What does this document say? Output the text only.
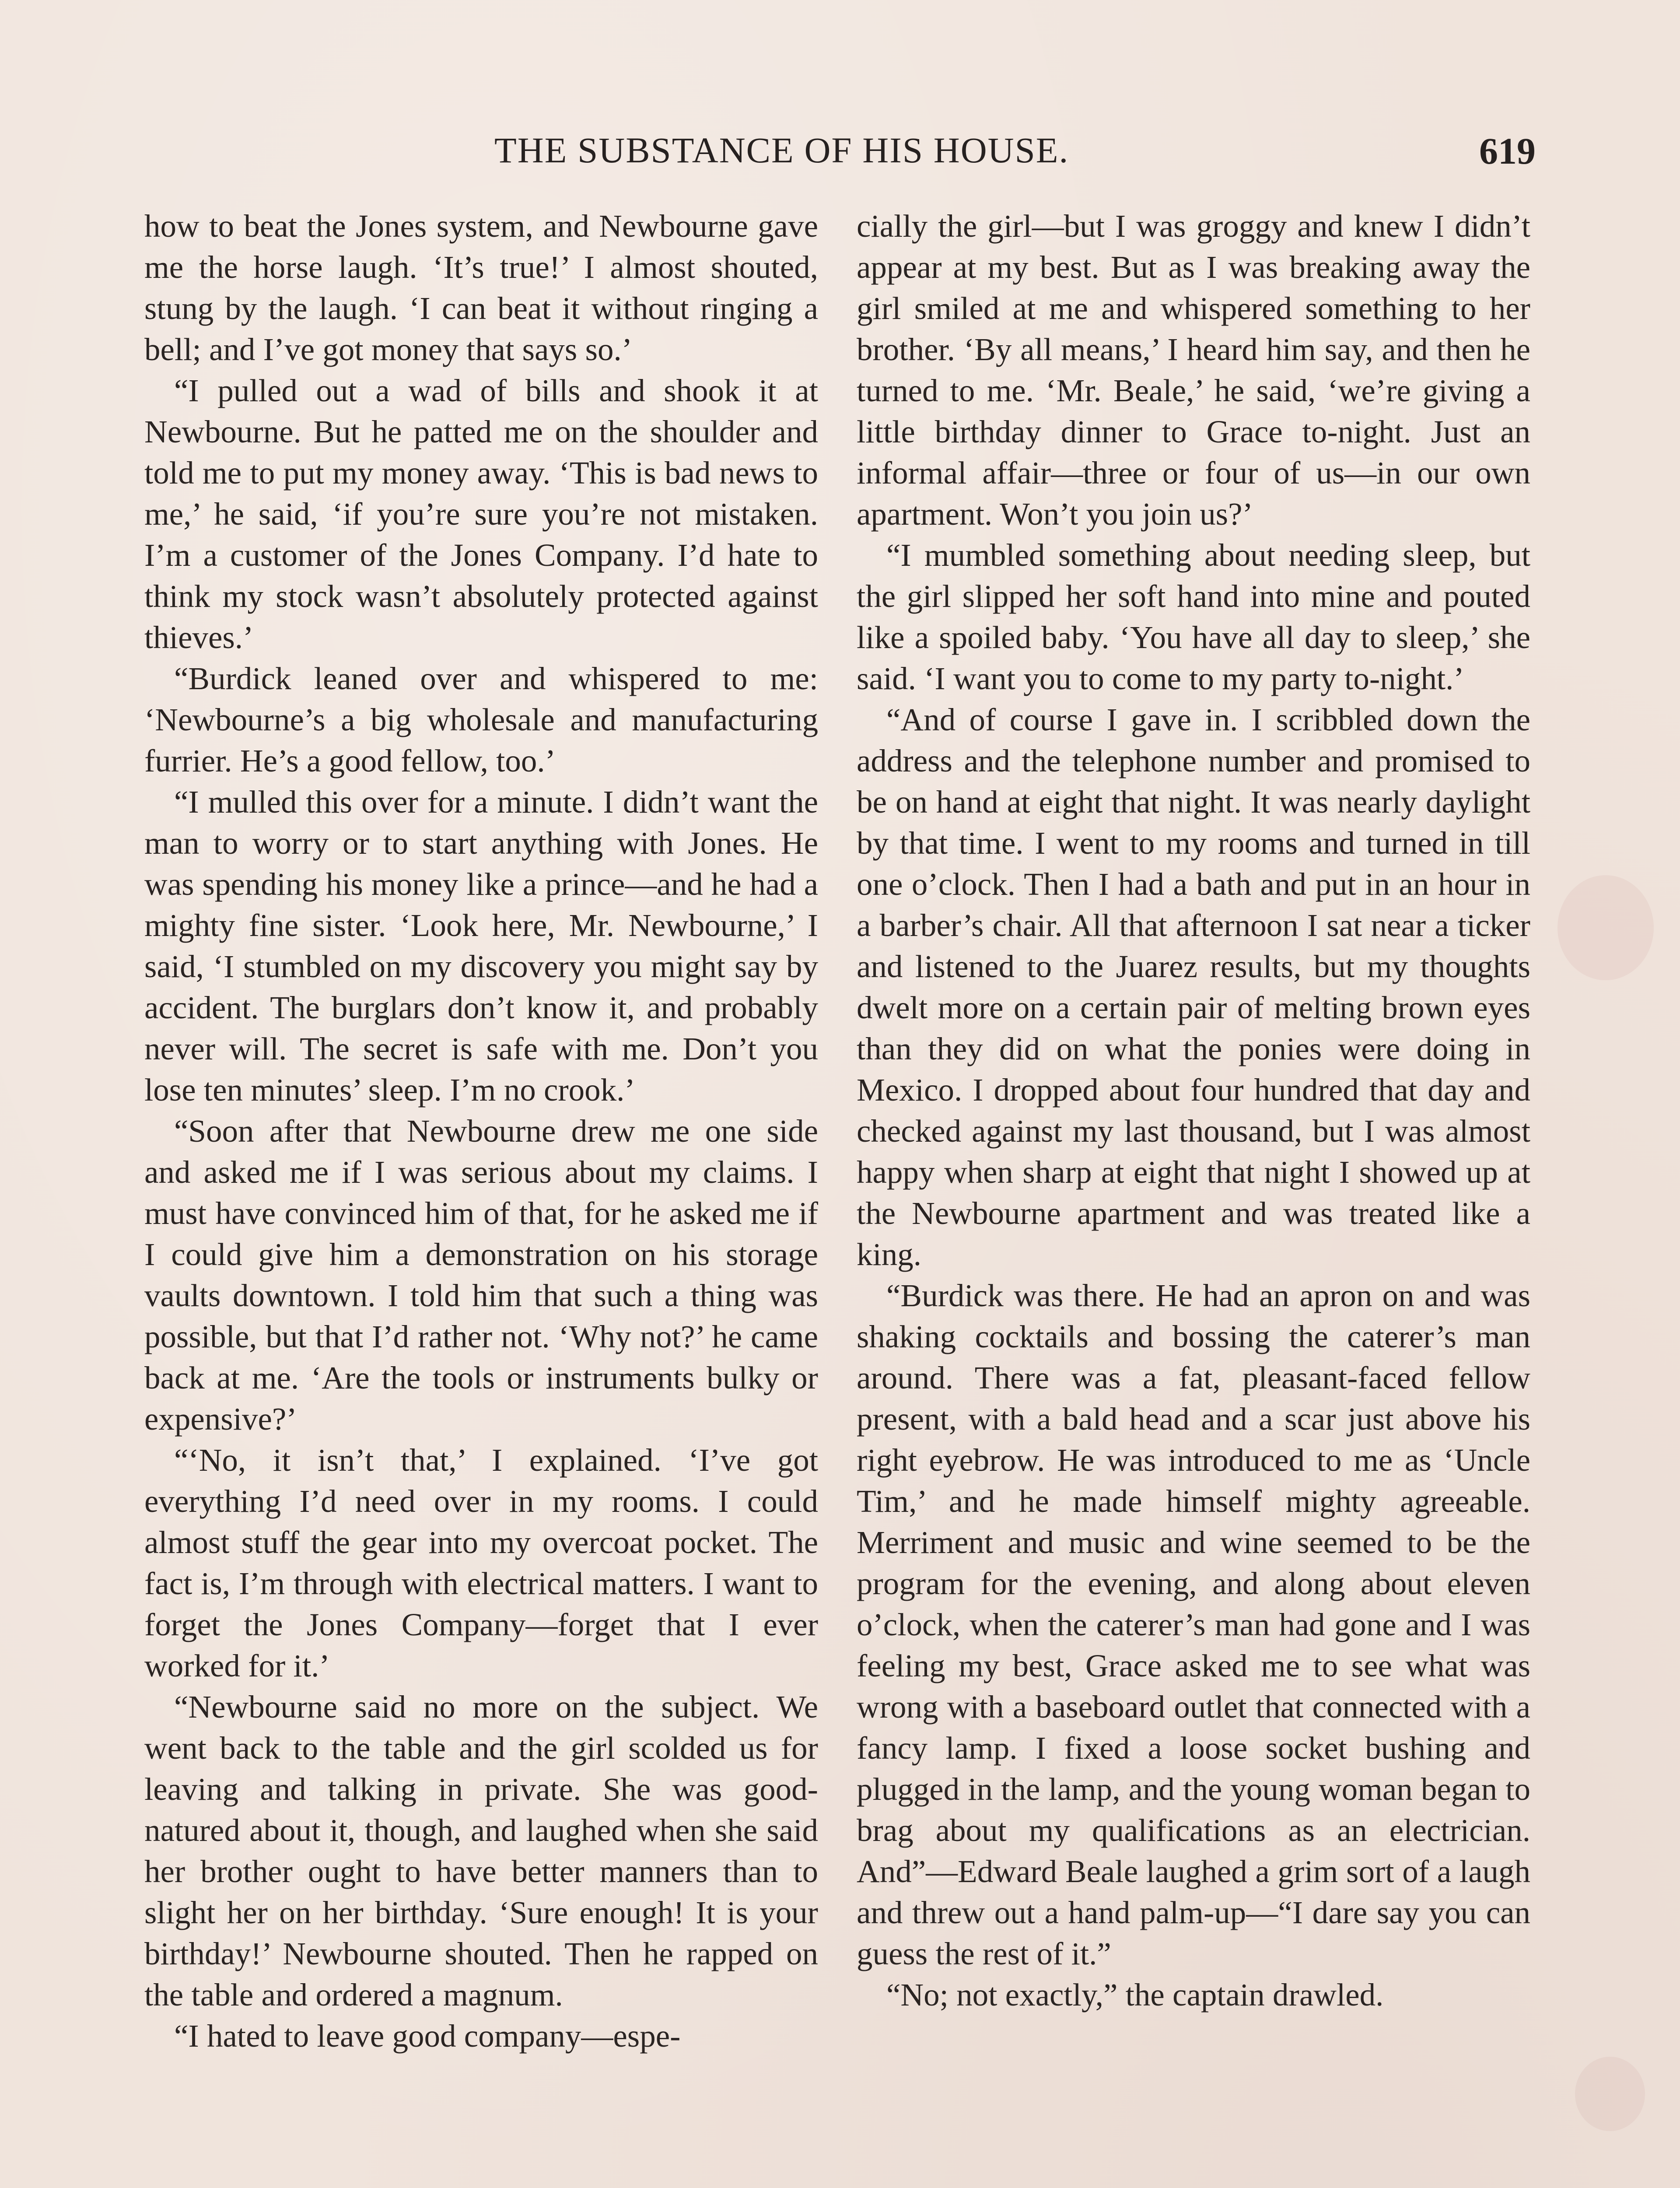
THE SUBSTANCE OF HIS HOUSE.	619

how to beat the Jones system, and Newbourne gave me the horse laugh. ‘It’s true!’ I almost shouted, stung by the laugh. ‘I can beat it without ringing a bell; and I’ve got money that says so.’

“I pulled out a wad of bills and shook it at Newbourne. But he patted me on the shoulder and told me to put my money away. ‘This is bad news to me,’ he said, ‘if you’re sure you’re not mistaken. I’m a customer of the Jones Company. I’d hate to think my stock wasn’t absolutely protected against thieves.’

“Burdick leaned over and whispered to me: ‘Newbourne’s a big wholesale and manufacturing furrier. He’s a good fellow, too.’

“I mulled this over for a minute. I didn’t want the man to worry or to start anything with Jones. He was spending his money like a prince—and he had a mighty fine sister. ‘Look here, Mr. Newbourne,’ I said, ‘I stumbled on my discovery you might say by accident. The burglars don’t know it, and probably never will. The secret is safe with me. Don’t you lose ten minutes’ sleep. I’m no crook.’

“Soon after that Newbourne drew me one side and asked me if I was serious about my claims. I must have convinced him of that, for he asked me if I could give him a demonstration on his storage vaults downtown. I told him that such a thing was possible, but that I’d rather not. ‘Why not?’ he came back at me. ‘Are the tools or instruments bulky or expensive?’

“‘No, it isn’t that,’ I explained. ‘I’ve got everything I’d need over in my rooms. I could almost stuff the gear into my overcoat pocket. The fact is, I’m through with electrical matters. I want to forget the Jones Company—forget that I ever worked for it.’

“Newbourne said no more on the subject. We went back to the table and the girl scolded us for leaving and talking in private. She was good-natured about it, though, and laughed when she said her brother ought to have better manners than to slight her on her birthday. ‘Sure enough! It is your birthday!’ Newbourne shouted. Then he rapped on the table and ordered a magnum.

“I hated to leave good company—espe-

cially the girl—but I was groggy and knew I didn’t appear at my best. But as I was breaking away the girl smiled at me and whispered something to her brother. ‘By all means,’ I heard him say, and then he turned to me. ‘Mr. Beale,’ he said, ‘we’re giving a little birthday dinner to Grace to-night. Just an informal affair—three or four of us—in our own apartment. Won’t you join us?’

“I mumbled something about needing sleep, but the girl slipped her soft hand into mine and pouted like a spoiled baby. ‘You have all day to sleep,’ she said. ‘I want you to come to my party to-night.’

“And of course I gave in. I scribbled down the address and the telephone number and promised to be on hand at eight that night. It was nearly daylight by that time. I went to my rooms and turned in till one o’clock. Then I had a bath and put in an hour in a barber’s chair. All that afternoon I sat near a ticker and listened to the Juarez results, but my thoughts dwelt more on a certain pair of melting brown eyes than they did on what the ponies were doing in Mexico. I dropped about four hundred that day and checked against my last thousand, but I was almost happy when sharp at eight that night I showed up at the Newbourne apartment and was treated like a king.

“Burdick was there. He had an apron on and was shaking cocktails and bossing the caterer’s man around. There was a fat, pleasant-faced fellow present, with a bald head and a scar just above his right eyebrow. He was introduced to me as ‘Uncle Tim,’ and he made himself mighty agreeable. Merriment and music and wine seemed to be the program for the evening, and along about eleven o’clock, when the caterer’s man had gone and I was feeling my best, Grace asked me to see what was wrong with a baseboard outlet that connected with a fancy lamp. I fixed a loose socket bushing and plugged in the lamp, and the young woman began to brag about my qualifications as an electrician. And”—Edward Beale laughed a grim sort of a laugh and threw out a hand palm-up—“I dare say you can guess the rest of it.”

“No; not exactly,” the captain drawled.
